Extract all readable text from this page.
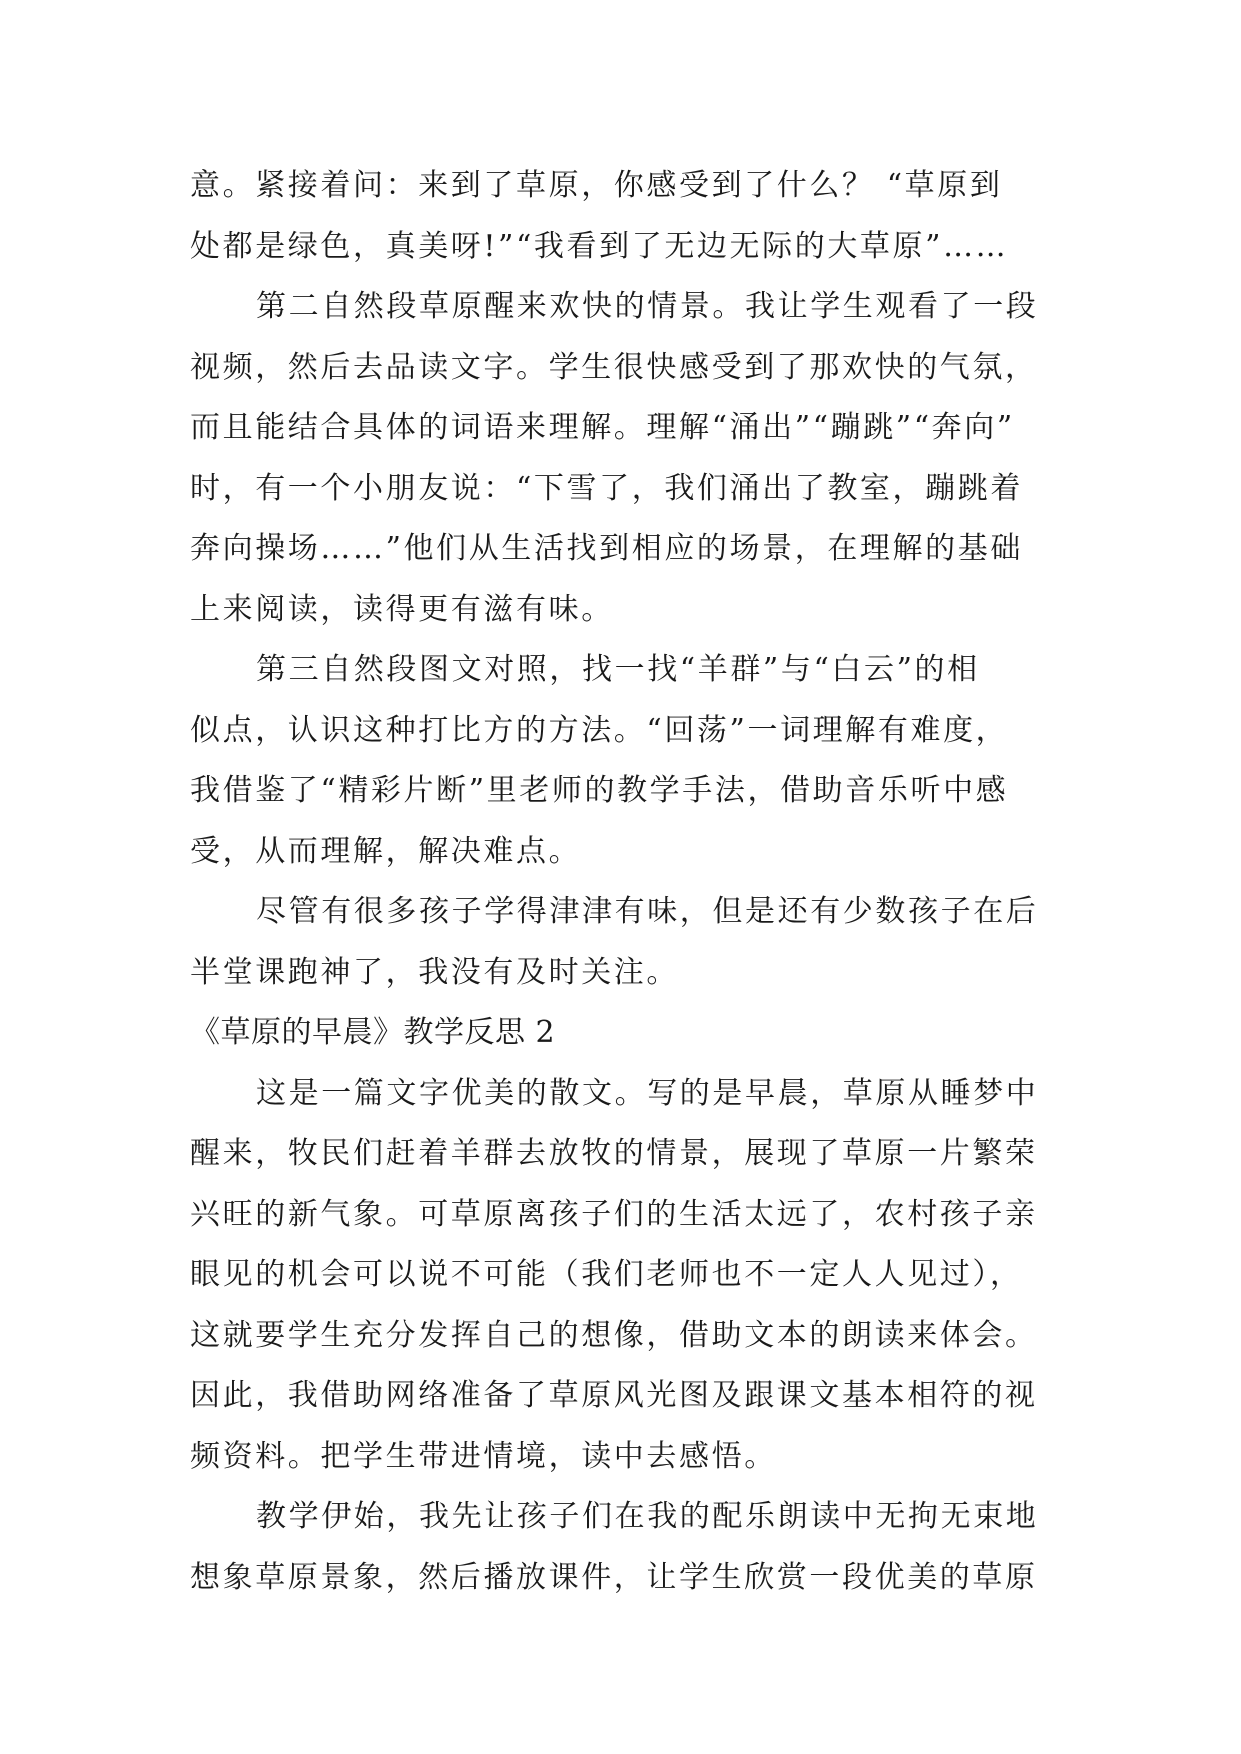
意。紧接着问：来到了草原，你感受到了什么？ “草原到
处都是绿色，真美呀!”“我看到了无边无际的大草原”……
第二自然段草原醒来欢快的情景。我让学生观看了一段
视频，然后去品读文字。学生很快感受到了那欢快的气氛，
而且能结合具体的词语来理解。理解“涌出”“蹦跳”“奔向”
时，有一个小朋友说：“下雪了，我们涌出了教室，蹦跳着
奔向操场……”他们从生活找到相应的场景，在理解的基础
上来阅读，读得更有滋有味。
第三自然段图文对照，找一找“羊群”与“白云”的相
似点，认识这种打比方的方法。“回荡”一词理解有难度，
我借鉴了“精彩片断”里老师的教学手法，借助音乐听中感
受，从而理解，解决难点。
尽管有很多孩子学得津津有味，但是还有少数孩子在后
半堂课跑神了，我没有及时关注。
《草原的早晨》教学反思 2
这是一篇文字优美的散文。写的是早晨，草原从睡梦中
醒来，牧民们赶着羊群去放牧的情景，展现了草原一片繁荣
兴旺的新气象。可草原离孩子们的生活太远了，农村孩子亲
眼见的机会可以说不可能（我们老师也不一定人人见过），
这就要学生充分发挥自己的想像，借助文本的朗读来体会。
因此，我借助网络准备了草原风光图及跟课文基本相符的视
频资料。把学生带进情境，读中去感悟。
教学伊始，我先让孩子们在我的配乐朗读中无拘无束地
想象草原景象，然后播放课件，让学生欣赏一段优美的草原
